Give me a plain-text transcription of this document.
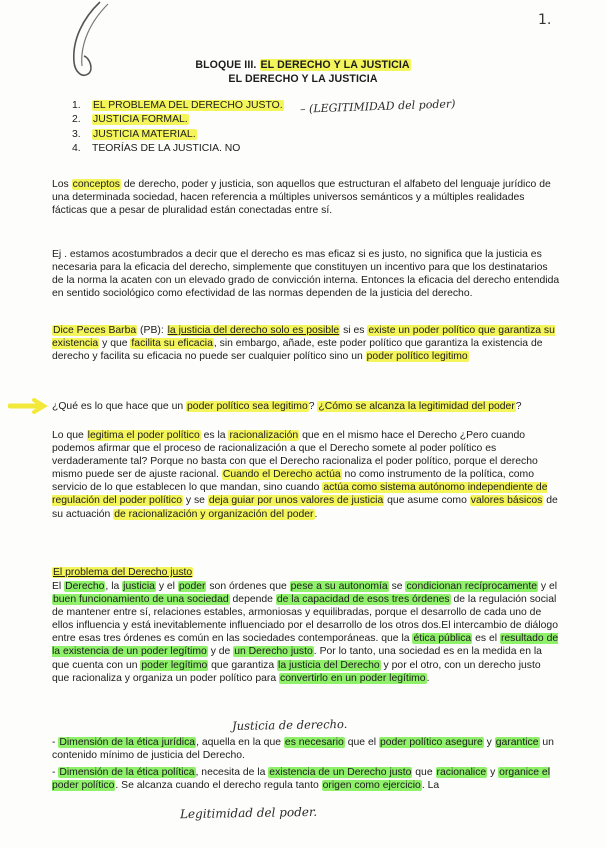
1.
BLOQUE III. EL DERECHO Y LA JUSTICIA
EL DERECHO Y LA JUSTICIA
1. EL PROBLEMA DEL DERECHO JUSTO.
2. JUSTICIA FORMAL.
3. JUSTICIA MATERIAL.
4. TEORÍAS DE LA JUSTICIA. NO
– (LEGITIMIDAD del poder)

Los conceptos de derecho, poder y justicia, son aquellos que estructuran el alfabeto del lenguaje jurídico de una determinada sociedad, hacen referencia a múltiples universos semánticos y a múltiples realidades fácticas que a pesar de pluralidad están conectadas entre sí.

Ej . estamos acostumbrados a decir que el derecho es mas eficaz si es justo, no significa que la justicia es necesaria para la eficacia del derecho, simplemente que constituyen un incentivo para que los destinatarios de la norma la acaten con un elevado grado de convicción interna. Entonces la eficacia del derecho entendida en sentido sociológico como efectividad de las normas dependen de la justicia del derecho.

Dice Peces Barba (PB): la justicia del derecho solo es posible si es existe un poder político que garantiza su existencia y que facilita su eficacia, sin embargo, añade, este poder político que garantiza la existencia de derecho y facilita su eficacia no puede ser cualquier político sino un poder político legitimo

¿Qué es lo que hace que un poder político sea legitimo? ¿Cómo se alcanza la legitimidad del poder?

Lo que legitima el poder político es la racionalización que en el mismo hace el Derecho ¿Pero cuando podemos afirmar que el proceso de racionalización a que el Derecho somete al poder político es verdaderamente tal? Porque no basta con que el Derecho racionaliza el poder político, porque el derecho mismo puede ser de ajuste racional. Cuando el Derecho actúa no como instrumento de la política, como servicio de lo que establecen lo que mandan, sino cuando actúa como sistema autónomo independiente de regulación del poder político y se deja guiar por unos valores de justicia que asume como valores básicos de su actuación de racionalización y organización del poder.

El problema del Derecho justo

El Derecho, la justicia y el poder son órdenes que pese a su autonomía se condicionan recíprocamente y el buen funcionamiento de una sociedad depende de la capacidad de esos tres órdenes de la regulación social de mantener entre sí, relaciones estables, armoniosas y equilibradas, porque el desarrollo de cada uno de ellos influencia y está inevitablemente influenciado por el desarrollo de los otros dos.El intercambio de diálogo entre esas tres órdenes es común en las sociedades contemporáneas. que la ética pública es el resultado de la existencia de un poder legítimo y de un Derecho justo. Por lo tanto, una sociedad es en la medida en la que cuenta con un poder legítimo que garantiza la justicia del Derecho y por el otro, con un derecho justo que racionaliza y organiza un poder político para convertirlo en un poder legítimo.

Justicia de derecho.

- Dimensión de la ética jurídica, aquella en la que es necesario que el poder político asegure y garantice un contenido mínimo de justicia del Derecho.

- Dimensión de la ética política, necesita de la existencia de un Derecho justo que racionalice y organice el poder político. Se alcanza cuando el derecho regula tanto origen como ejercicio. La

Legitimidad del poder.
